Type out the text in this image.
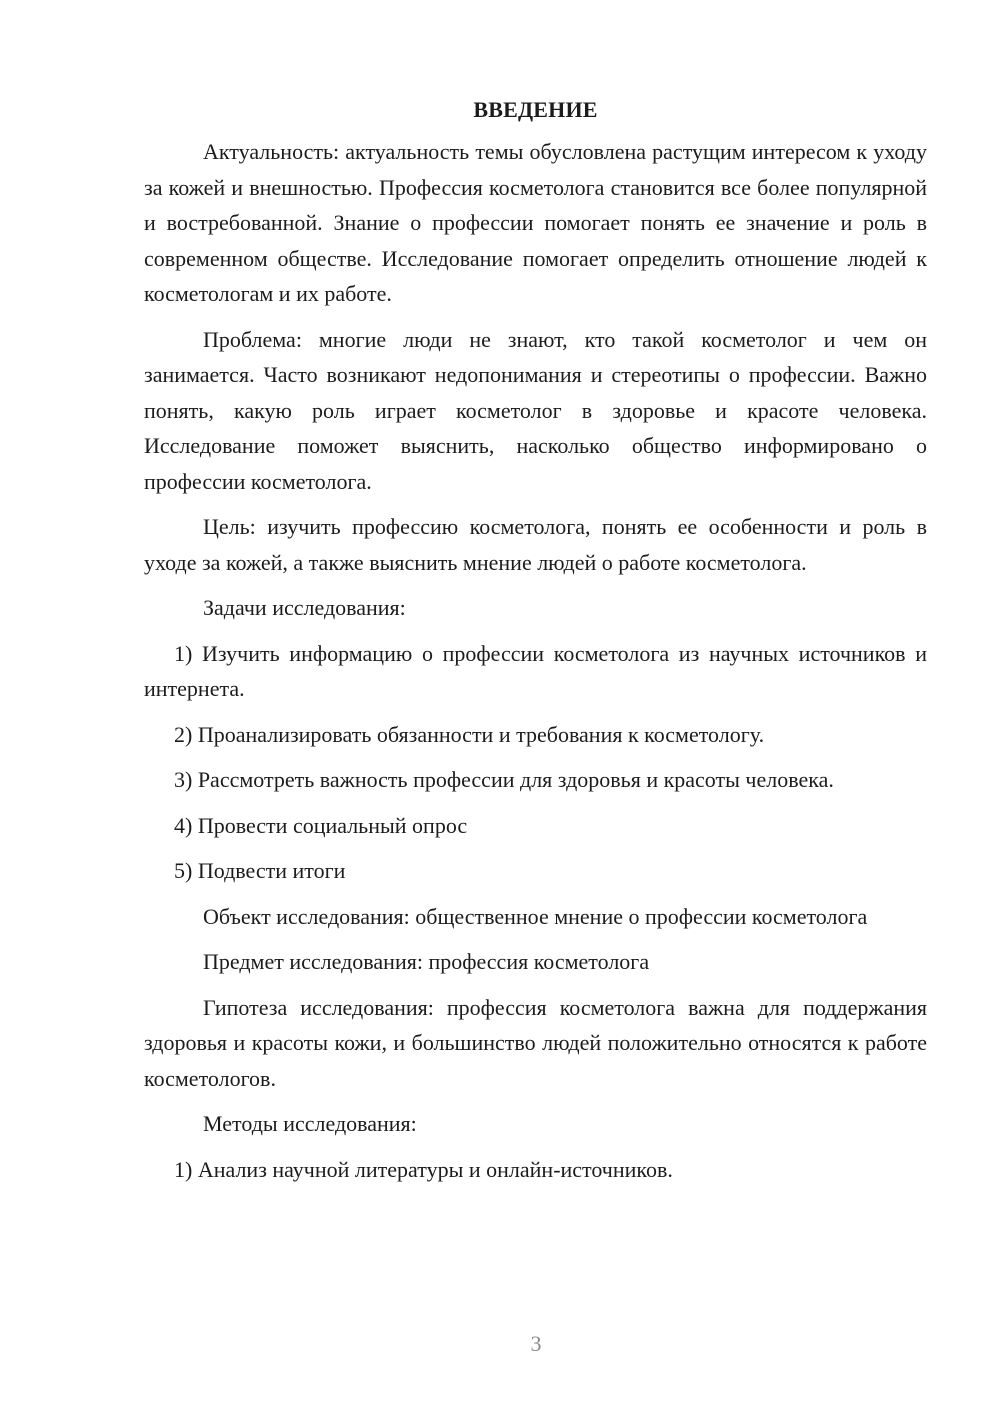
ВВЕДЕНИЕ

Актуальность: актуальность темы обусловлена растущим интересом к уходу за кожей и внешностью. Профессия косметолога становится все более популярной и востребованной. Знание о профессии помогает понять ее значение и роль в современном обществе. Исследование помогает определить отношение людей к косметологам и их работе.

Проблема: многие люди не знают, кто такой косметолог и чем он занимается. Часто возникают недопонимания и стереотипы о профессии. Важно понять, какую роль играет косметолог в здоровье и красоте человека. Исследование поможет выяснить, насколько общество информировано о профессии косметолога.

Цель: изучить профессию косметолога, понять ее особенности и роль в уходе за кожей, а также выяснить мнение людей о работе косметолога.

Задачи исследования:

1) Изучить информацию о профессии косметолога из научных источников и интернета.

2) Проанализировать обязанности и требования к косметологу.

3) Рассмотреть важность профессии для здоровья и красоты человека.

4) Провести социальный опрос

5) Подвести итоги

Объект исследования: общественное мнение о профессии косметолога

Предмет исследования: профессия косметолога

Гипотеза исследования: профессия косметолога важна для поддержания здоровья и красоты кожи, и большинство людей положительно относятся к работе косметологов.

Методы исследования:

1) Анализ научной литературы и онлайн-источников.

3
